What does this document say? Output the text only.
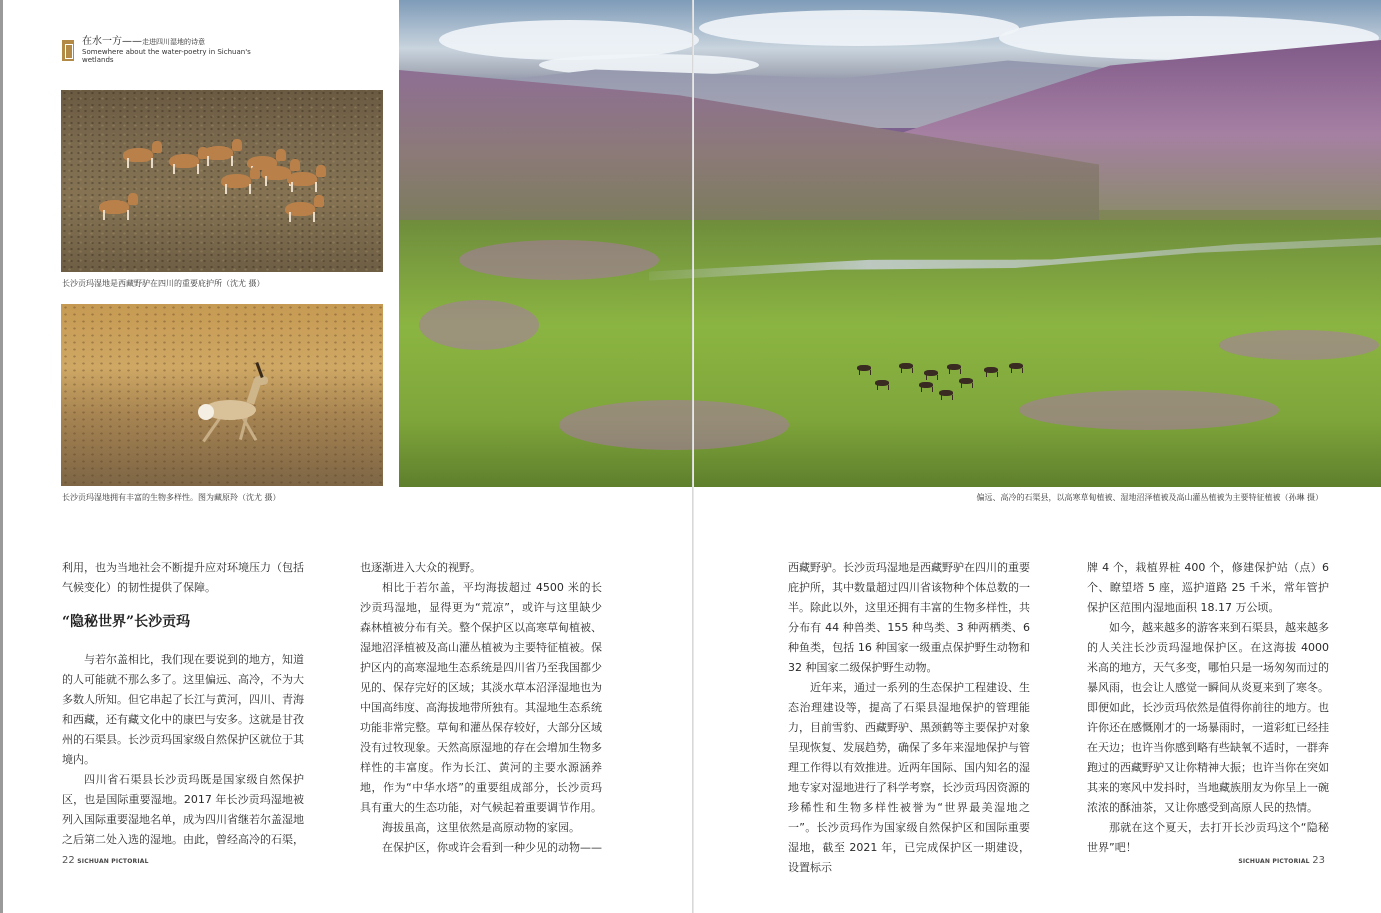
在水一方——走进四川湿地的诗意
Somewhere about the water-poetry in Sichuan's wetlands
长沙贡玛湿地是西藏野驴在四川的重要庇护所（沈尤 摄）
长沙贡玛湿地拥有丰富的生物多样性。图为藏原羚（沈尤 摄）

利用，也为当地社会不断提升应对环境压力（包括气候变化）的韧性提供了保障。

“隐秘世界”长沙贡玛

与若尔盖相比，我们现在要说到的地方，知道的人可能就不那么多了。这里偏远、高冷，不为大多数人所知。但它串起了长江与黄河，四川、青海和西藏，还有藏文化中的康巴与安多。这就是甘孜州的石渠县。长沙贡玛国家级自然保护区就位于其境内。

四川省石渠县长沙贡玛既是国家级自然保护区，也是国际重要湿地。2017 年长沙贡玛湿地被列入国际重要湿地名单，成为四川省继若尔盖湿地之后第二处入选的湿地。由此，曾经高冷的石渠，

也逐渐进入大众的视野。

相比于若尔盖，平均海拔超过 4500 米的长沙贡玛湿地，显得更为“荒凉”，或许与这里缺少森林植被分布有关。整个保护区以高寒草甸植被、湿地沼泽植被及高山灌丛植被为主要特征植被。保护区内的高寒湿地生态系统是四川省乃至我国都少见的、保存完好的区域；其淡水草本沼泽湿地也为中国高纬度、高海拔地带所独有。其湿地生态系统功能非常完整。草甸和灌丛保存较好，大部分区域没有过牧现象。天然高原湿地的存在会增加生物多样性的丰富度。作为长江、黄河的主要水源涵养地，作为“中华水塔”的重要组成部分，长沙贡玛具有重大的生态功能，对气候起着重要调节作用。

海拔虽高，这里依然是高原动物的家园。

在保护区，你或许会看到一种少见的动物——

22 SICHUAN PICTORIAL
偏远、高冷的石渠县，以高寒草甸植被、湿地沼泽植被及高山灌丛植被为主要特征植被（孙琳 摄）

西藏野驴。长沙贡玛湿地是西藏野驴在四川的重要庇护所，其中数量超过四川省该物种个体总数的一半。除此以外，这里还拥有丰富的生物多样性，共分布有 44 种兽类、155 种鸟类、3 种两栖类、6 种鱼类，包括 16 种国家一级重点保护野生动物和 32 种国家二级保护野生动物。

近年来，通过一系列的生态保护工程建设、生态治理建设等，提高了石渠县湿地保护的管理能力，目前雪豹、西藏野驴、黑颈鹤等主要保护对象呈现恢复、发展趋势，确保了多年来湿地保护与管理工作得以有效推进。近两年国际、国内知名的湿地专家对湿地进行了科学考察，长沙贡玛因资源的珍稀性和生物多样性被誉为“世界最美湿地之一”。长沙贡玛作为国家级自然保护区和国际重要湿地，截至 2021 年，已完成保护区一期建设，设置标示

牌 4 个，栽植界桩 400 个，修建保护站（点）6 个、瞭望塔 5 座，巡护道路 25 千米，常年管护保护区范围内湿地面积 18.17 万公顷。

如今，越来越多的游客来到石渠县，越来越多的人关注长沙贡玛湿地保护区。在这海拔 4000 米高的地方，天气多变，哪怕只是一场匆匆而过的暴风雨，也会让人感觉一瞬间从炎夏来到了寒冬。即便如此，长沙贡玛依然是值得你前往的地方。也许你还在感慨刚才的一场暴雨时，一道彩虹已经挂在天边；也许当你感到略有些缺氧不适时，一群奔跑过的西藏野驴又让你精神大振；也许当你在突如其来的寒风中发抖时，当地藏族朋友为你呈上一碗浓浓的酥油茶，又让你感受到高原人民的热情。

那就在这个夏天，去打开长沙贡玛这个“隐秘世界”吧！

SICHUAN PICTORIAL 23
